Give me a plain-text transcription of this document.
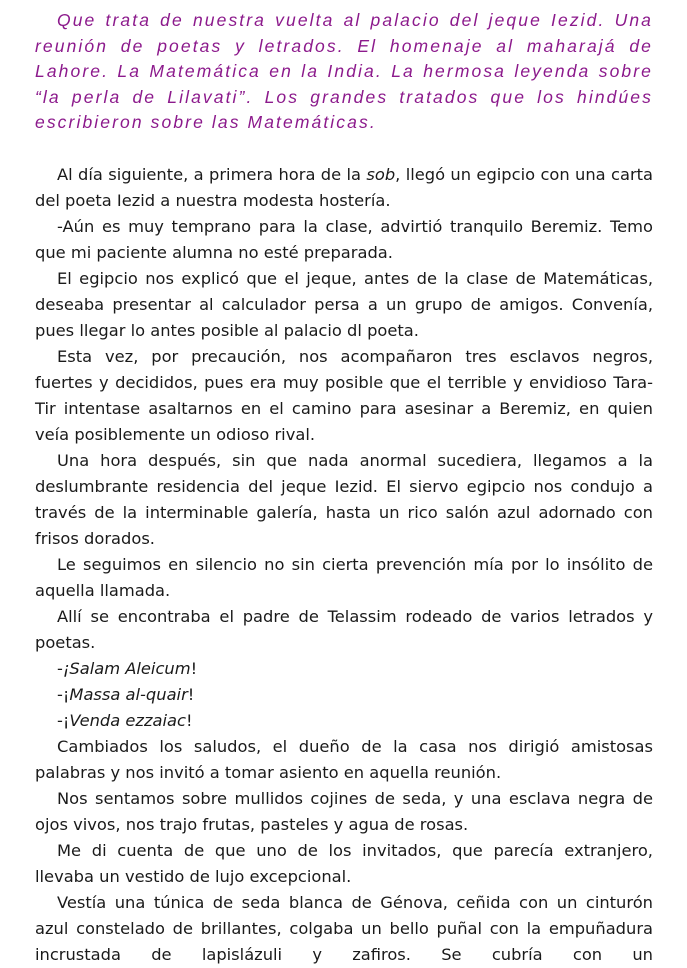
Que trata de nuestra vuelta al palacio del jeque Iezid. Una reunión de poetas y letrados. El homenaje al maharajá de Lahore. La Matemática en la India. La hermosa leyenda sobre “la perla de Lilavati”. Los grandes tratados que los hindúes escribieron sobre las Matemáticas.

Al día siguiente, a primera hora de la sob, llegó un egipcio con una carta del poeta Iezid a nuestra modesta hostería.

-Aún es muy temprano para la clase, advirtió tranquilo Beremiz. Temo que mi paciente alumna no esté preparada.

El egipcio nos explicó que el jeque, antes de la clase de Matemáticas, deseaba presentar al calculador persa a un grupo de amigos. Convenía, pues llegar lo antes posible al palacio dl poeta.

Esta vez, por precaución, nos acompañaron tres esclavos negros, fuertes y decididos, pues era muy posible que el terrible y envidioso Tara-Tir intentase asaltarnos en el camino para asesinar a Beremiz, en quien veía posiblemente un odioso rival.

Una hora después, sin que nada anormal sucediera, llegamos a la deslumbrante residencia del jeque Iezid. El siervo egipcio nos condujo a través de la interminable galería, hasta un rico salón azul adornado con frisos dorados.

Le seguimos en silencio no sin cierta prevención mía por lo insólito de aquella llamada.

Allí se encontraba el padre de Telassim rodeado de varios letrados y poetas.

-¡Salam Aleicum!

-¡Massa al-quair!

-¡Venda ezzaiac!

Cambiados los saludos, el dueño de la casa nos dirigió amistosas palabras y nos invitó a tomar asiento en aquella reunión.

Nos sentamos sobre mullidos cojines de seda, y una esclava negra de ojos vivos, nos trajo frutas, pasteles y agua de rosas.

Me di cuenta de que uno de los invitados, que parecía extranjero, llevaba un vestido de lujo excepcional.

Vestía una túnica de seda blanca de Génova, ceñida con un cinturón azul constelado de brillantes, colgaba un bello puñal con la empuñadura incrustada de lapislázuli y zafiros. Se cubría con un
